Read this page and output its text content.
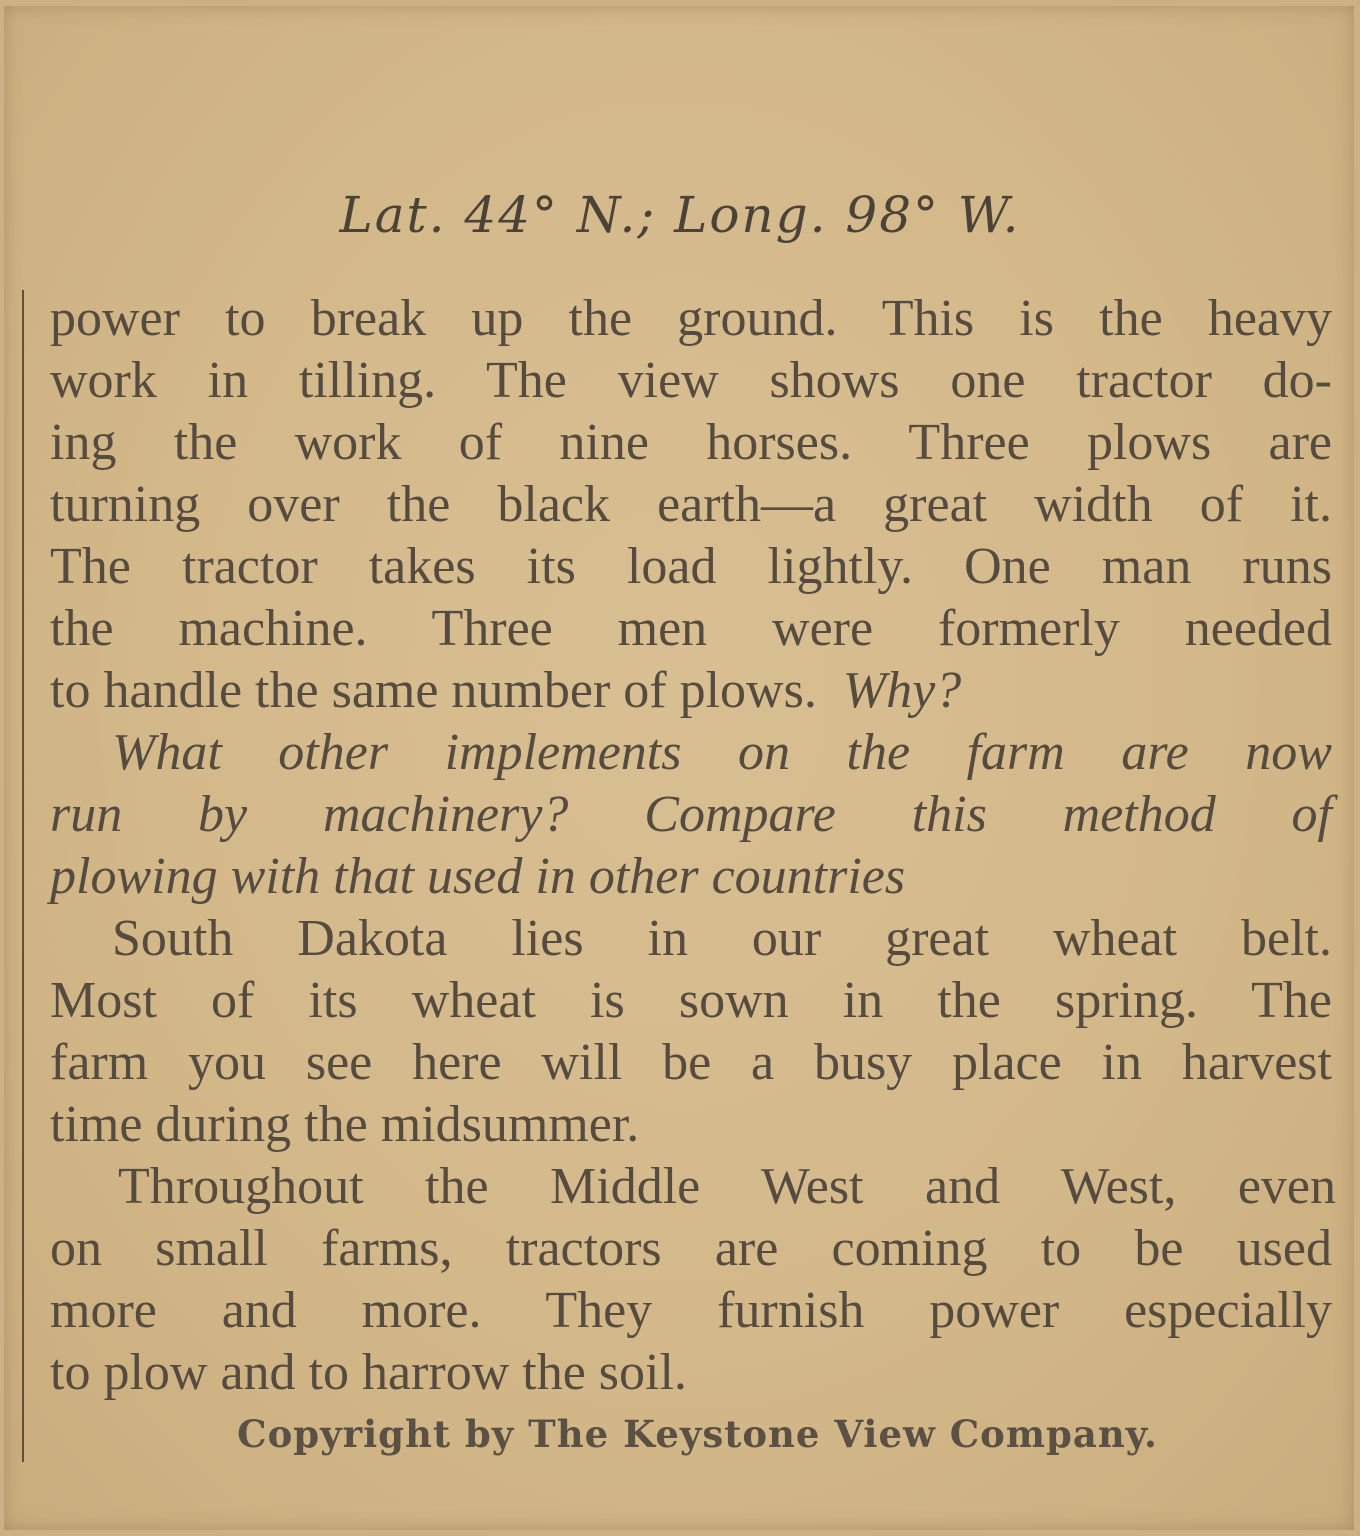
Lat. 44° N.; Long. 98° W.
power to break up the ground. This is the heavy
work in tilling. The view shows one tractor do-
ing the work of nine horses. Three plows are
turning over the black earth—a great width of it.
The tractor takes its load lightly. One man runs
the machine. Three men were formerly needed
to handle the same number of plows.  Why?
What other implements on the farm are now
run by machinery? Compare this method of
plowing with that used in other countries
South Dakota lies in our great wheat belt.
Most of its wheat is sown in the spring. The
farm you see here will be a busy place in harvest
time during the midsummer.
Throughout the Middle West and West, even
on small farms, tractors are coming to be used
more and more. They furnish power especially
to plow and to harrow the soil.
Copyright by The Keystone View Company.
